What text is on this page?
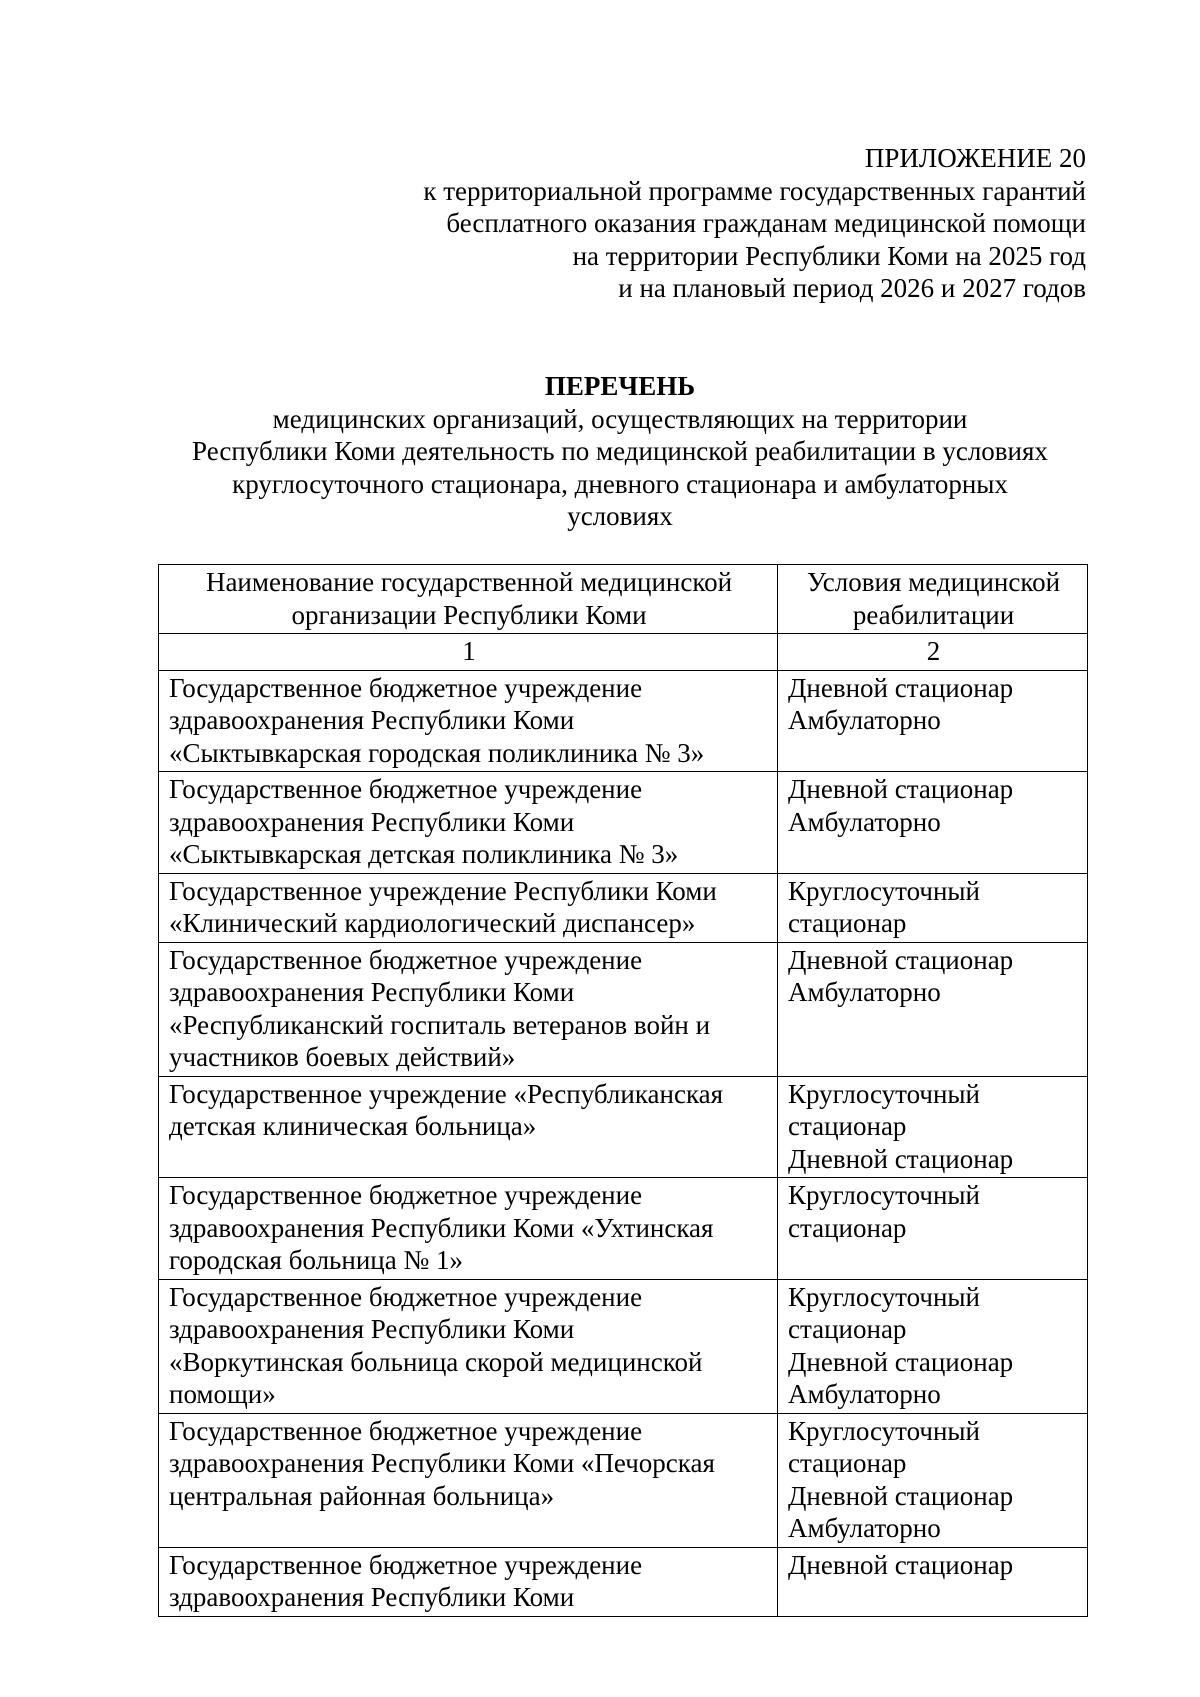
ПРИЛОЖЕНИЕ 20
к территориальной программе государственных гарантий
бесплатного оказания гражданам медицинской помощи
на территории Республики Коми на 2025 год
и на плановый период 2026 и 2027 годов
ПЕРЕЧЕНЬ
медицинских организаций, осуществляющих на территории
Республики Коми деятельность по медицинской реабилитации в условиях
круглосуточного стационара, дневного стационара и амбулаторных
условиях
Наименование государственной медицинской
организации Республики Коми	Условия медицинской
реабилитации

1	2

Государственное бюджетное учреждение
здравоохранения Республики Коми
«Сыктывкарская городская поликлиника № 3»	Дневной стационар
Амбулаторно

Государственное бюджетное учреждение
здравоохранения Республики Коми
«Сыктывкарская детская поликлиника № 3»	Дневной стационар
Амбулаторно

Государственное учреждение Республики Коми
«Клинический кардиологический диспансер»	Круглосуточный
стационар

Государственное бюджетное учреждение
здравоохранения Республики Коми
«Республиканский госпиталь ветеранов войн и
участников боевых действий»	Дневной стационар
Амбулаторно

Государственное учреждение «Республиканская
детская клиническая больница»	Круглосуточный
стационар
Дневной стационар

Государственное бюджетное учреждение
здравоохранения Республики Коми «Ухтинская
городская больница № 1»	Круглосуточный
стационар

Государственное бюджетное учреждение
здравоохранения Республики Коми
«Воркутинская больница скорой медицинской
помощи»	Круглосуточный
стационар
Дневной стационар
Амбулаторно

Государственное бюджетное учреждение
здравоохранения Республики Коми «Печорская
центральная районная больница»	Круглосуточный
стационар
Дневной стационар
Амбулаторно

Государственное бюджетное учреждение
здравоохранения Республики Коми	Дневной стационар
